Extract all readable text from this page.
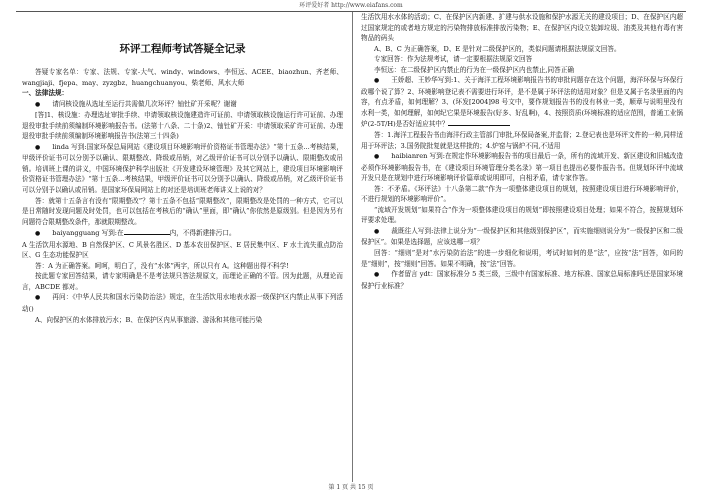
环评爱好者 http://www.eiafans.com

环评工程师考试答疑全记录

答疑专家名单：专家、法规、专家-大气、windy、windows、李恒远、ACEE、biaozhun、齐老师、wangjiaji、fjepa、may、zyzgbz、huangchuanyou、柴老师、风水大师

一、法律法规：

● 请问核设施从选址至运行共需做几次环评？铀钍矿开采呢？谢谢

[答]1、核设施：办理选址审批手续、申请领取核设施建造许可证前、申请领取核设施运行许可证前、办理退役审批手续前须编制环境影响报告书。(法第十八条、二十条)2、铀钍矿开采：申请领取采矿许可证前、办理退役审批手续前须编制环境影响报告书(法第三十四条)

● linda 写到:国家环保总局网站《建设项目环境影响评价资格证书管理办法》“第十五条...考核结果，甲级评价证书可以分别予以确认、限期整改、降级或吊销，对乙级评价证书可以分别予以确认、限期整改或吊销。培训班上课的讲义，中国环境保护科学出版社《开发建设环境管理》及其它网站上，建设项目环境影响评价资格证书管理办法》“第十五条...考核结果，甲级评价证书可以分别予以确认、降级或吊销，对乙级评价证书可以分别予以确认或吊销。是国家环保局网站上的对还是培训班老师讲义上说的对？

答：就第十五条言有没有“限期整改”？第十五条不包括“限期整改”，限期整改是处罚的一种方式，它可以是日常随时发现问题及时处罚，也可以包括在考核后的“确认”里面，即“确认”你依然是原级别。但是因为另有问题符合限期整改条件，那就限期整改。

● baiyangguang 写到:在	内，不得新建排污口。

A 生活饮用水源地、B 自然保护区、C 风景名胜区、D 基本农田保护区、E 居民集中区、F 水土流失重点防治区、G 生态功能保护区

答：A 为正确答案。呵呵，明白了，没有“水体”两字，所以只有 A。这种题出得不科学!

按此题专家回答结果，请专家明确是不是考法规只答法规原文，而理论正确的不管。因为此题，从理论而言，ABCDE 都对。

● 再问：《中华人民共和国水污染防治法》规定，在生活饮用水地表水源一级保护区内禁止从事下列活动()

A、向保护区的水体排放污水；B、在保护区内从事旅游、游泳和其他可能污染

生活饮用水水体的活动；C、在保护区内新建、扩建与供水设施和保护水源无关的建设项目；D、在保护区内超过国家规定的或者地方规定的污染物排放标准排放污染物；E、在保护区内设立装卸垃圾、油类及其他有毒有害物品的码头

A、B、C 为正确答案，D、E 是针对二级保护区的，类似问题请根据法规原文回答。

专家回答：作为法规考试，请一定要根据法规原文回答

李恒远：在二级保护区内禁止的行为在一级保护区内也禁止,同答正确

● 王娇超、王妙华写到:1、关于海洋工程环境影响报告书的审批问题存在这个问题，海洋环保与环保行政哪个说了算？2、环境影响登记表不需要进行环评，是不是属于环评法的适用对象？但是又属于名录里面的内容，有点矛盾，如何理解？3、(环发[2004]98 号文中，要作规划报告书的没有林业一类，顺章与说明里没有水利一类，如何理解，如何纪它果是环境报告(好多、好乱啊)，4、按照资质(环境标准的适应范围，普通工业锅炉(2-5T/H)是否好适应其中？

答：1.海洋工程报告书由海洋行政主管部门审批,环保局备案,并监督；2.登记表也是环评文件的一种,同样适用于环评法；3.国务院批复就是这样批的；4.炉窑与锅炉不同,不适用

● haibianren 写到:在规定作环境影响报告书的项目最后一条，所有的流域开发、新区建设和旧城改造必须作环境影响报告书，在《建设项目环境管理分类名录》第一项目也提出必要作报告书。但规划环评中流域开发只是在规划中进行环境影响评价篇章或说明即可，自相矛盾，请专家作答。

答：不矛盾。《环评法》十八条第二款“作为一项整体建设项目的规划，按照建设项目进行环境影响评价，不进行规划的环境影响评价”。

“流域开发规划”如果符合“作为一项整体建设项目的规划”即按照建设项目处理；如果不符合，按照规划环评要求处理。

● 裁既往人写到:法律上说分为“一级保护区和其他级别保护区”，而实施细则说分为“一级保护区和二级保护区”。如果是选择题，应该选哪一项？

回答：“细则”是对“水污染防治法”的进一步细化和说明，考试时如何的是“法”，应按“法”回答，如问的是“细则”，按“细则”回答。如果不明确，按“法”回答。

● 作者留言 ydt：国家标准分 5 类三级，三级中有国家标准、地方标准、国家总局标准吗还是国家环境保护行业标准？

第 1 页 共 15 页
